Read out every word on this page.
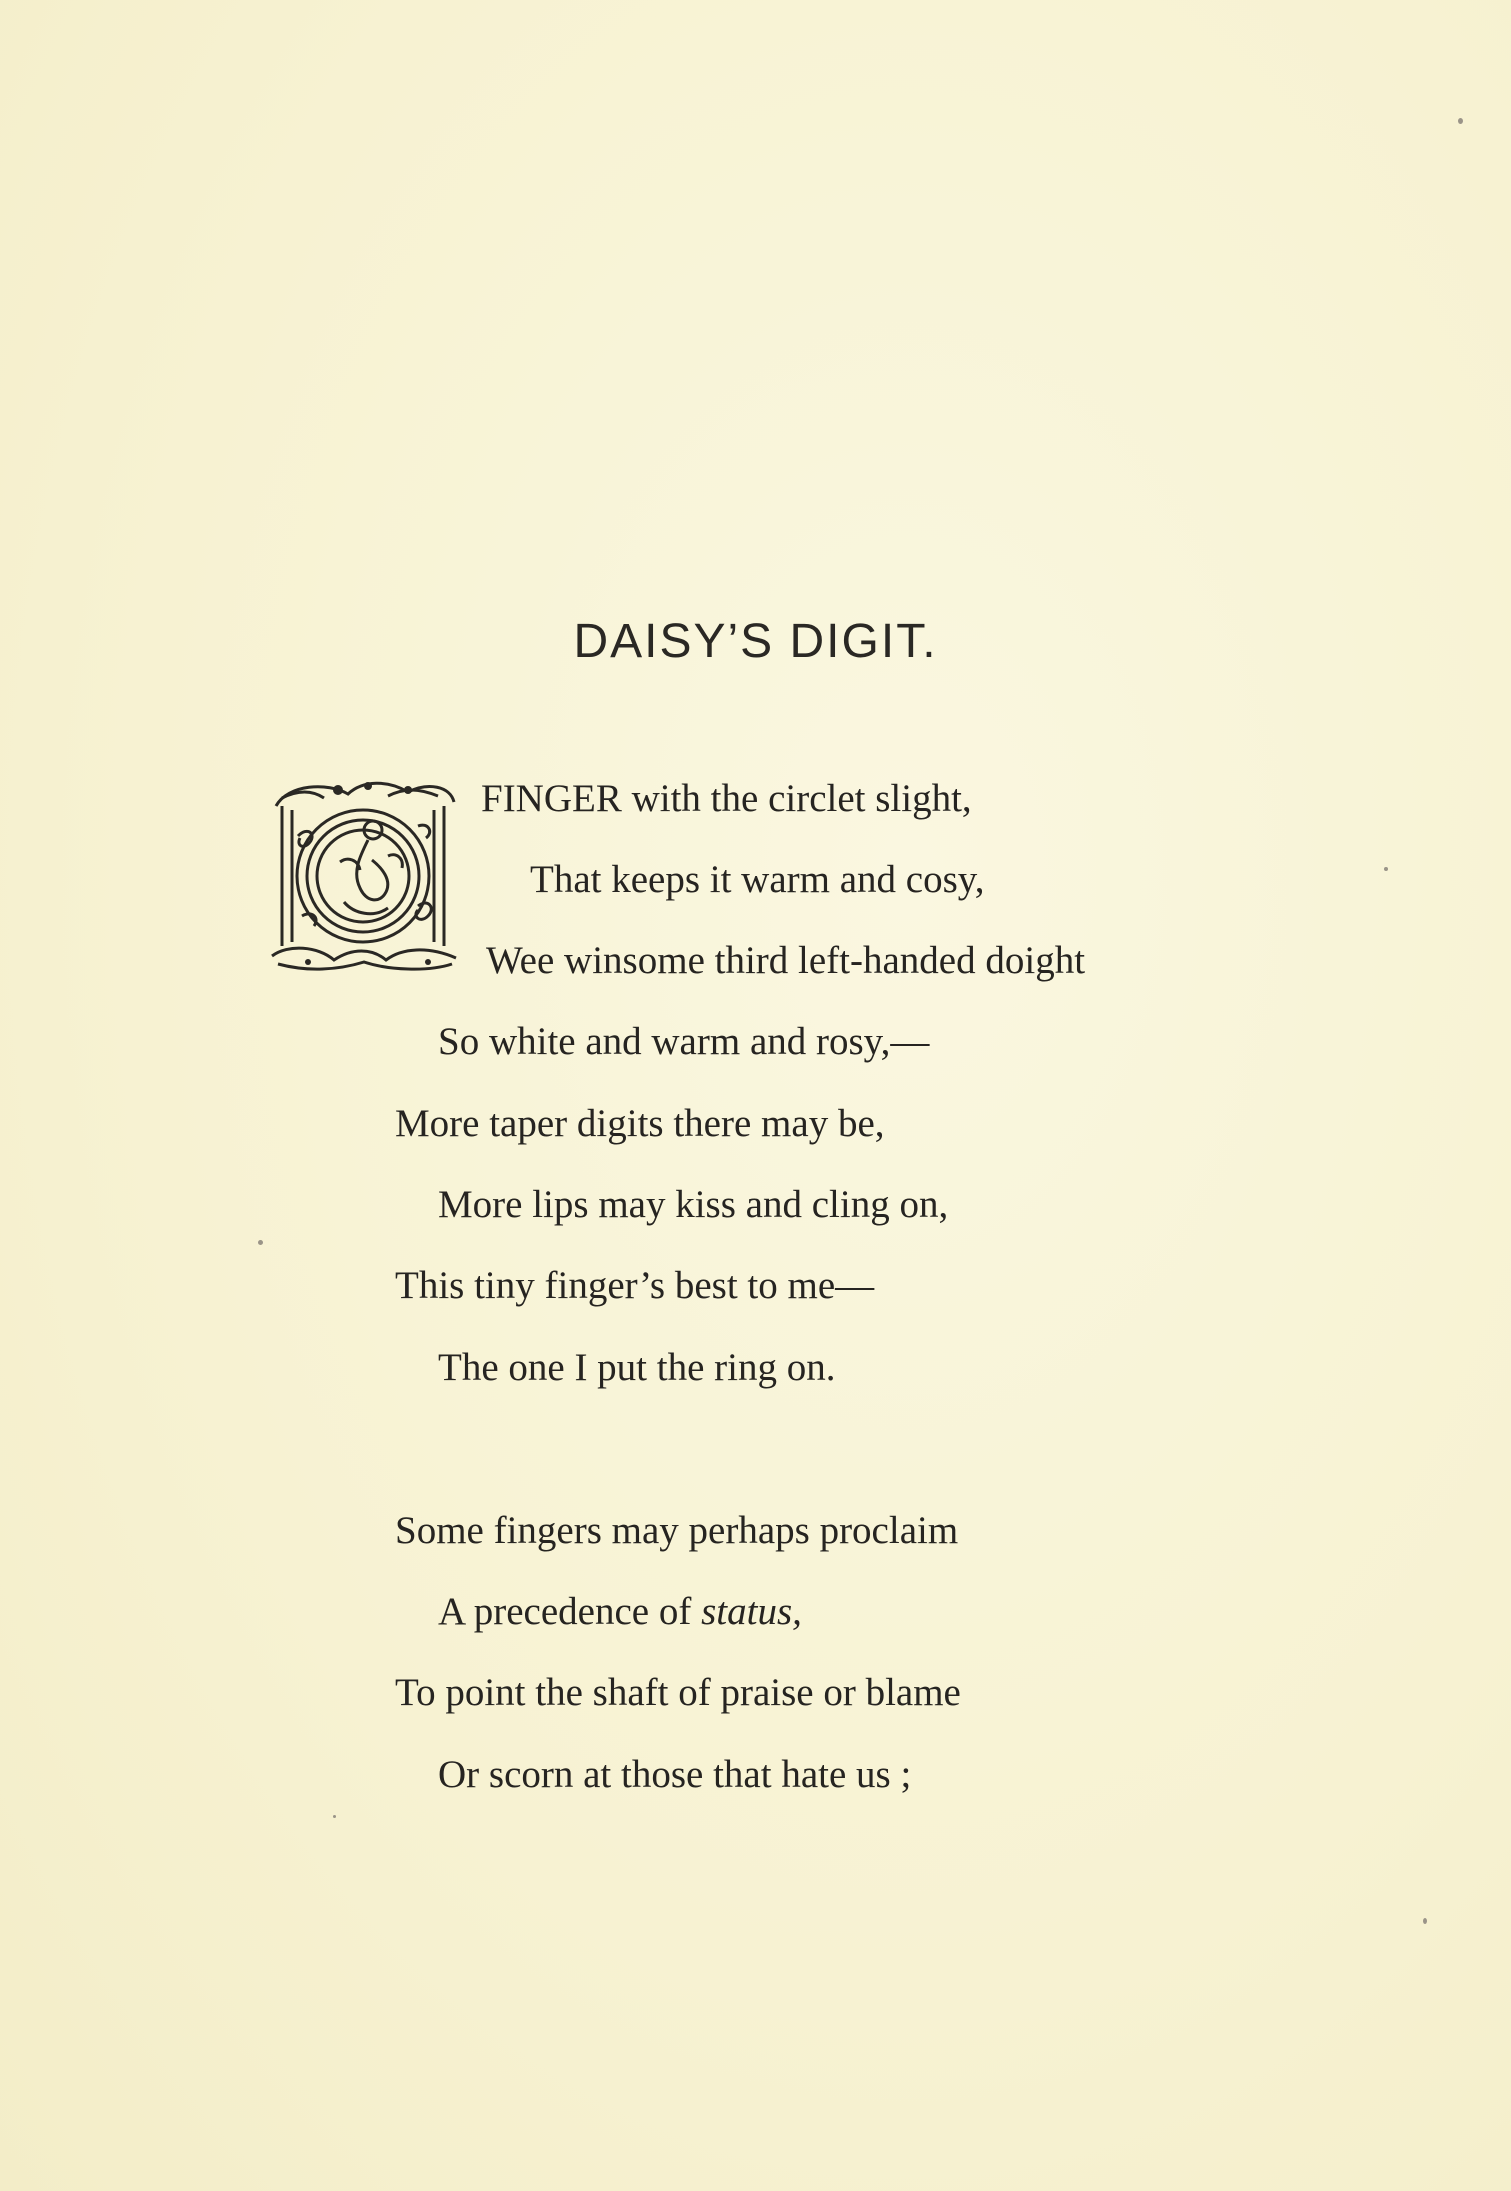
DAISY’S DIGIT.
FINGER with the circlet slight,
That keeps it warm and cosy,
Wee winsome third left-handed doight
So white and warm and rosy,—
More taper digits there may be,
More lips may kiss and cling on,
This tiny finger’s best to me—
The one I put the ring on.
Some fingers may perhaps proclaim
A precedence of status,
To point the shaft of praise or blame
Or scorn at those that hate us ;
